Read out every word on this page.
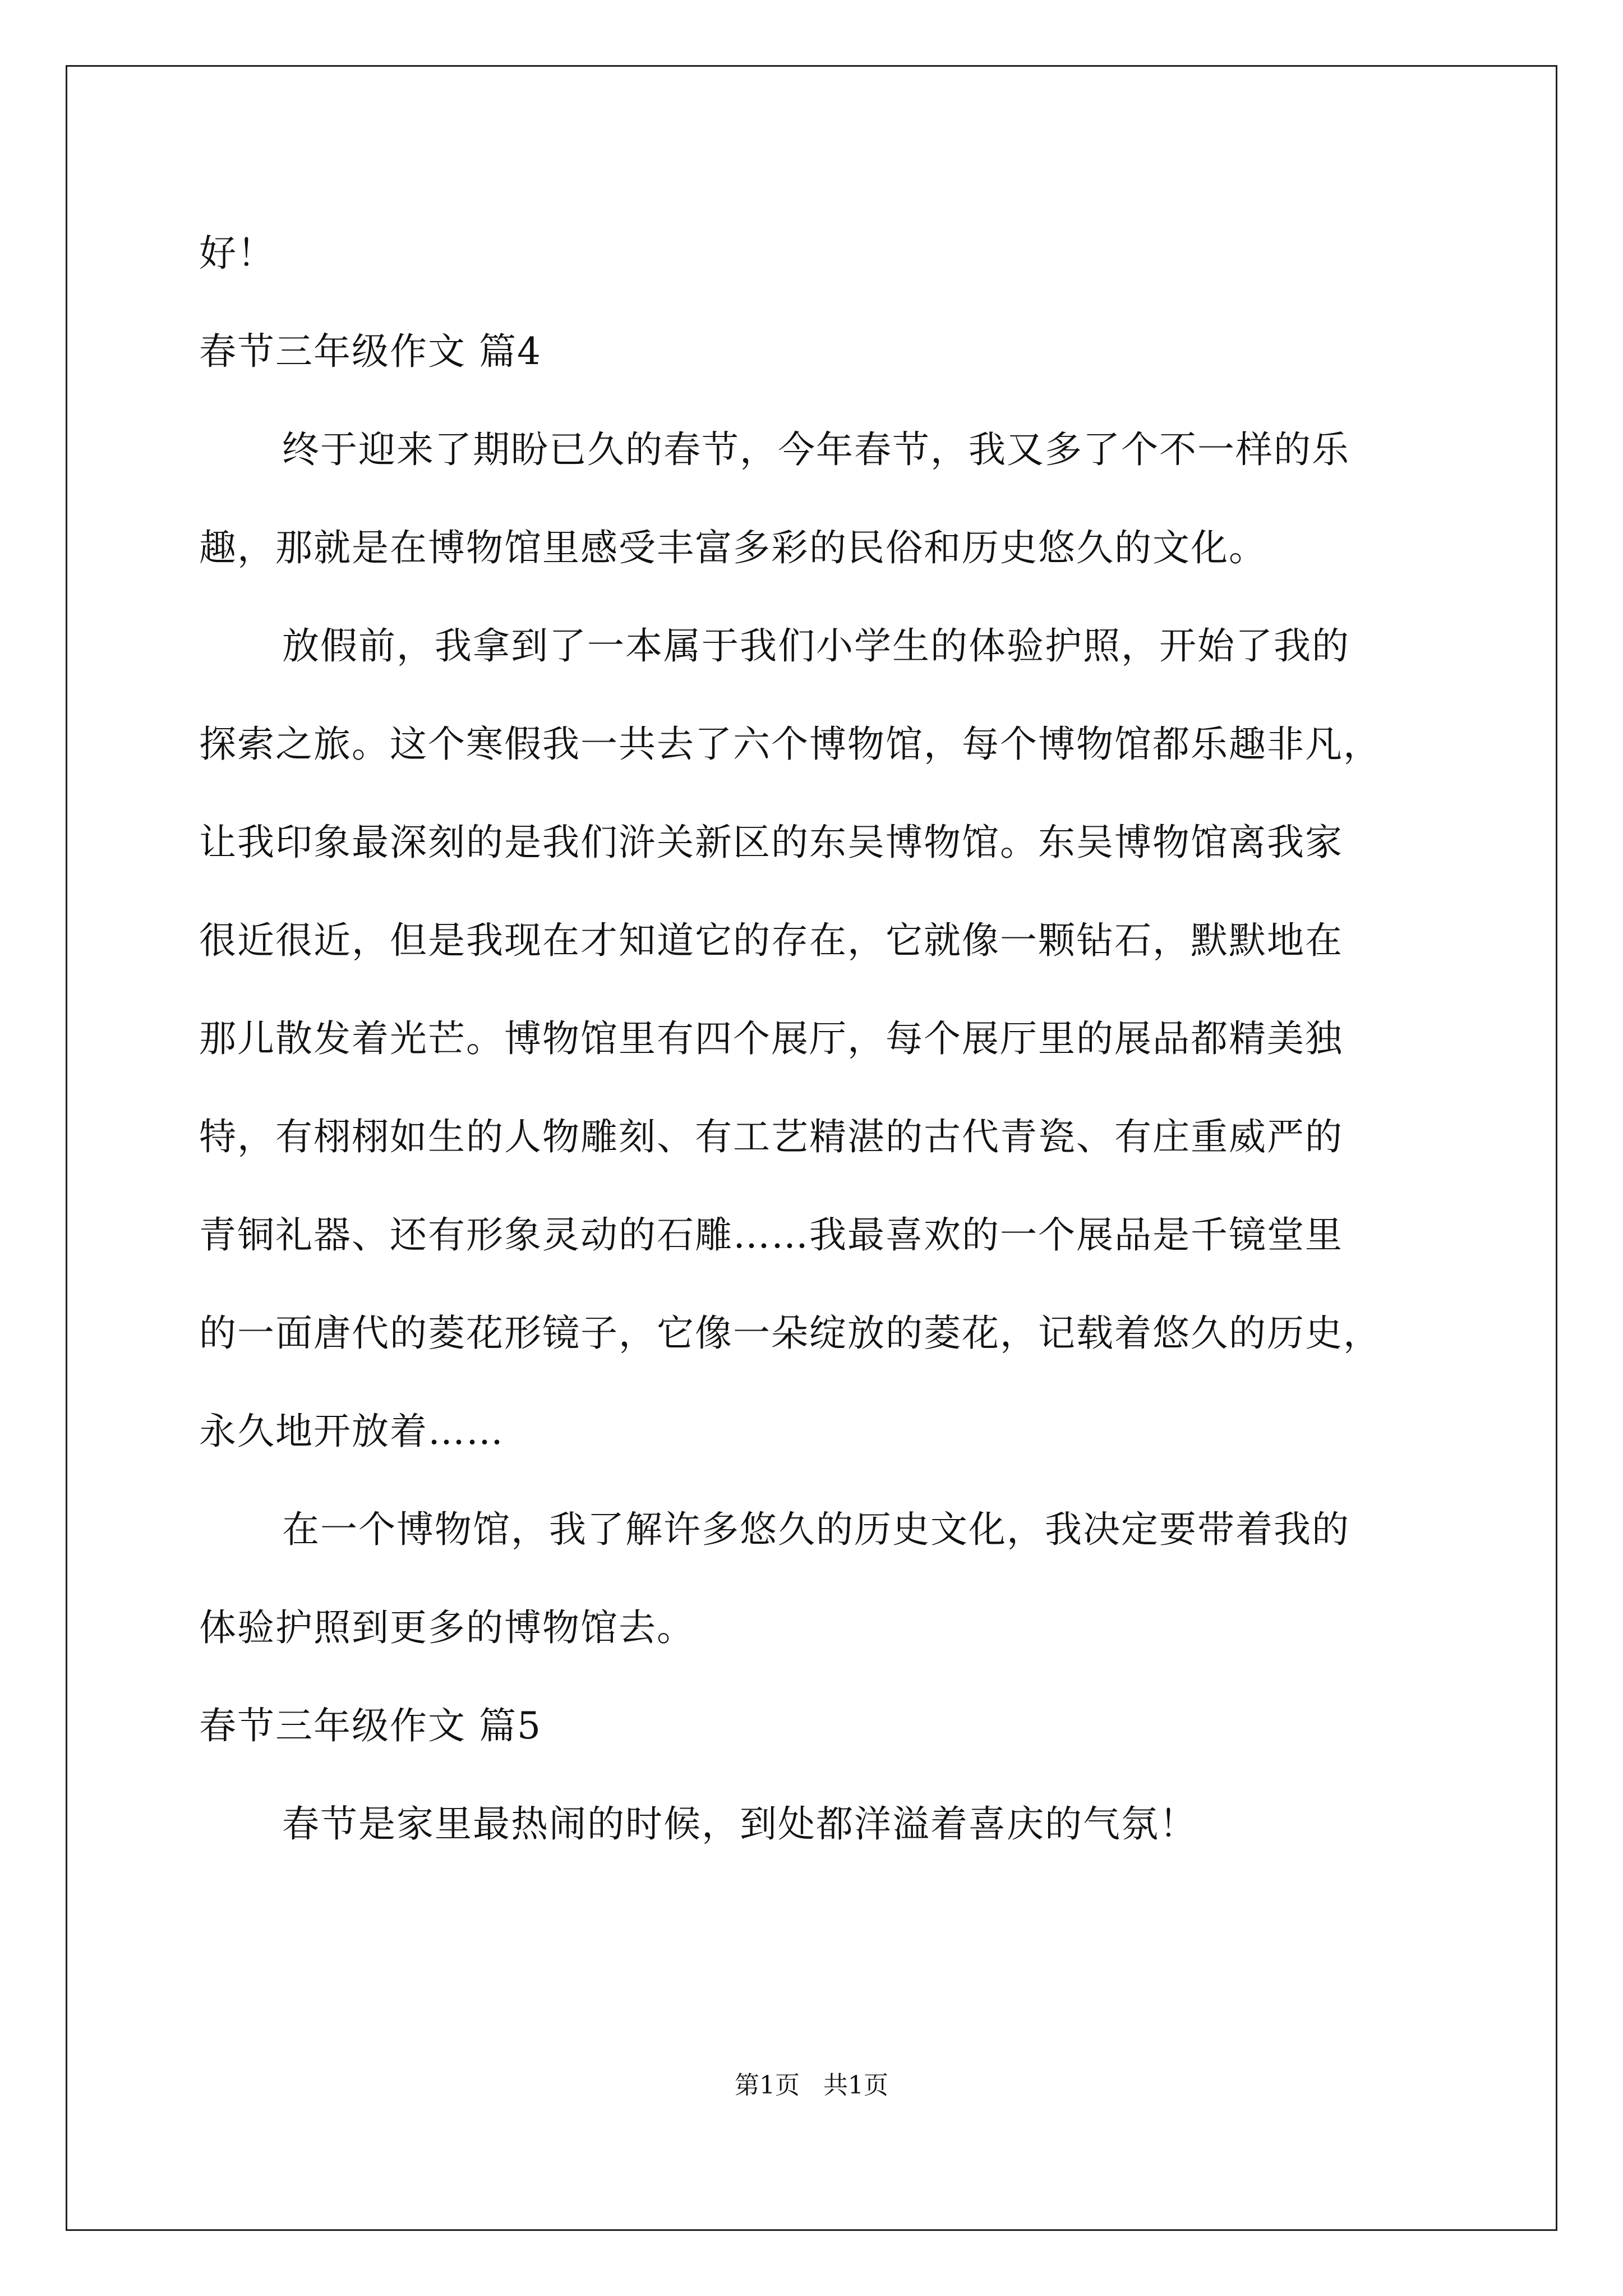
好！
春节三年级作文 篇4
终于迎来了期盼已久的春节，今年春节，我又多了个不一样的乐
趣，那就是在博物馆里感受丰富多彩的民俗和历史悠久的文化。
放假前，我拿到了一本属于我们小学生的体验护照，开始了我的
探索之旅。这个寒假我一共去了六个博物馆，每个博物馆都乐趣非凡，
让我印象最深刻的是我们浒关新区的东吴博物馆。东吴博物馆离我家
很近很近，但是我现在才知道它的存在，它就像一颗钻石，默默地在
那儿散发着光芒。博物馆里有四个展厅，每个展厅里的展品都精美独
特，有栩栩如生的人物雕刻、有工艺精湛的古代青瓷、有庄重威严的
青铜礼器、还有形象灵动的石雕……我最喜欢的一个展品是千镜堂里
的一面唐代的菱花形镜子，它像一朵绽放的菱花，记载着悠久的历史，
永久地开放着……
在一个博物馆，我了解许多悠久的历史文化，我决定要带着我的
体验护照到更多的博物馆去。
春节三年级作文 篇5
春节是家里最热闹的时候，到处都洋溢着喜庆的气氛！
第1页   共1页
